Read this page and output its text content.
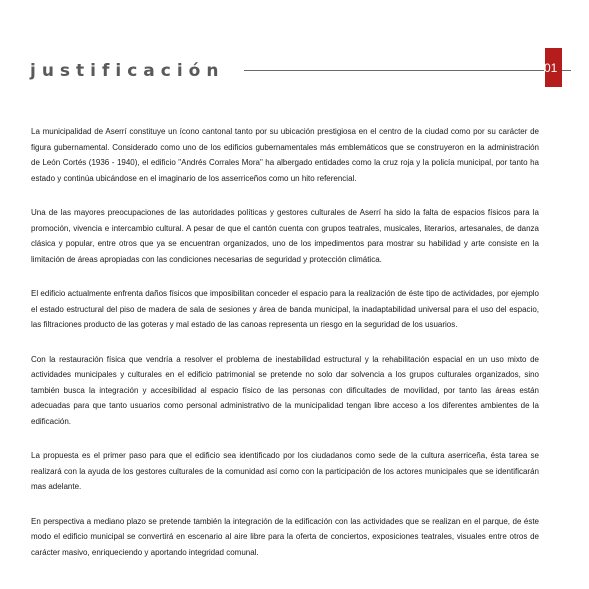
justificación	01

La municipalidad de Aserrí constituye un ícono cantonal tanto por su ubicación prestigiosa en el centro de la ciudad como por su carácter de figura gubernamental. Considerado como uno de los edificios gubernamentales más emblemáticos que se construyeron en la administración de León Cortés (1936 - 1940), el edificio "Andrés Corrales Mora" ha albergado entidades como la cruz roja y la policía municipal, por tanto ha estado y continúa ubicándose en el imaginario de los asserriceños como un hito referencial.

Una de las mayores preocupaciones de las autoridades políticas y gestores culturales de Aserrí ha sido la falta de espacios físicos para la promoción, vivencia e intercambio cultural. A pesar de que el cantón cuenta con grupos teatrales, musicales, literarios, artesanales, de danza clásica y popular, entre otros que ya se encuentran organizados, uno de los impedimentos para mostrar su habilidad y arte consiste en la limitación de áreas apropiadas con las condiciones necesarias de seguridad y protección climática.

El edificio actualmente enfrenta daños físicos que imposibilitan conceder el espacio para la realización de éste tipo de actividades, por ejemplo el estado estructural del piso de madera de sala de sesiones y área de banda municipal, la inadaptabilidad universal para el uso del espacio, las filtraciones producto de las goteras y mal estado de las canoas representa un riesgo en la seguridad de los usuarios.

Con la restauración física que vendría a resolver el problema de inestabilidad estructural y la rehabilitación espacial en un uso mixto de actividades municipales y culturales en el edificio patrimonial se pretende no solo dar solvencia a los grupos culturales organizados, sino también busca la integración y accesibilidad al espacio físico de las personas con dificultades de movilidad, por tanto las áreas están adecuadas para que tanto usuarios como personal administrativo de la municipalidad tengan libre acceso a los diferentes ambientes de la edificación.

La propuesta es el primer paso para que el edificio sea identificado por los ciudadanos como sede de la cultura aserriceña, ésta tarea se realizará con la ayuda de los gestores culturales de la comunidad así como con la participación de los actores municipales que se identificarán mas adelante.

En perspectiva a mediano plazo se pretende también la integración de la edificación con las actividades que se realizan en el parque, de éste modo el edificio municipal se convertirá en escenario al aire libre para la oferta de conciertos, exposiciones teatrales, visuales entre otros de carácter masivo, enriqueciendo y aportando integridad comunal.
